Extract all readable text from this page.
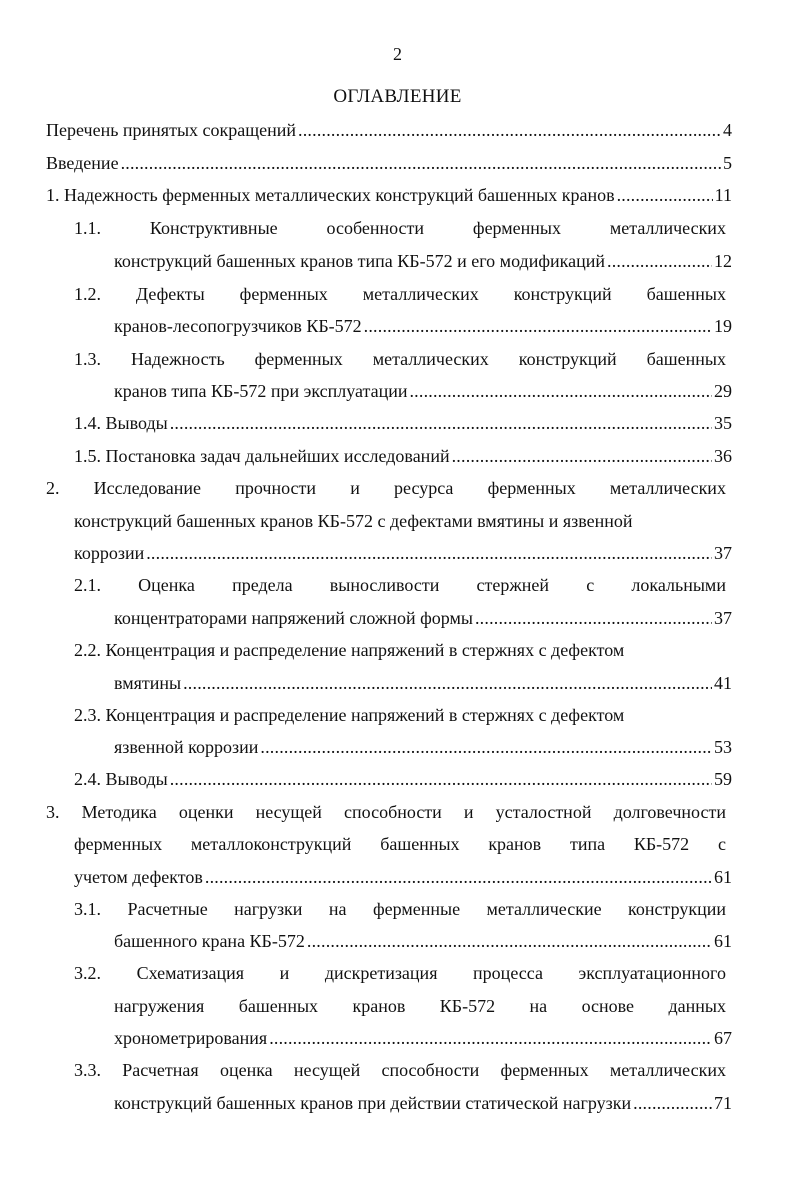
2
ОГЛАВЛЕНИЕ
Перечень принятых сокращений .....	4
Введение .....	5
1. Надежность ферменных металлических конструкций башенных кранов .....	11
1.1.	Конструктивные	особенности	ферменных	металлических
конструкций башенных кранов типа КБ-572 и его модификаций .....	12
1.2. Дефекты ферменных металлических конструкций башенных
кранов-лесопогрузчиков КБ-572 .....	19
1.3. Надежность ферменных металлических конструкций башенных
кранов типа КБ-572 при эксплуатации .....	29
1.4. Выводы .....	35
1.5. Постановка задач дальнейших исследований .....	36
2. Исследование прочности и ресурса ферменных металлических
конструкций башенных кранов КБ-572 с дефектами вмятины и язвенной
коррозии .....	37
2.1. Оценка предела выносливости стержней с локальными
концентраторами напряжений сложной формы .....	37
2.2. Концентрация и распределение напряжений в стержнях с дефектом
вмятины .....	41
2.3. Концентрация и распределение напряжений в стержнях с дефектом
язвенной коррозии .....	53
2.4. Выводы .....	59
3. Методика оценки несущей способности и усталостной долговечности
ферменных металлоконструкций башенных кранов типа КБ-572 с
учетом дефектов .....	61
3.1. Расчетные нагрузки на ферменные металлические конструкции
башенного крана КБ-572 .....	61
3.2. Схематизация и дискретизация процесса эксплуатационного
нагружения башенных кранов КБ-572 на основе данных
хронометрирования .....	67
3.3. Расчетная оценка несущей способности ферменных металлических
конструкций башенных кранов при действии статической нагрузки .....	71
